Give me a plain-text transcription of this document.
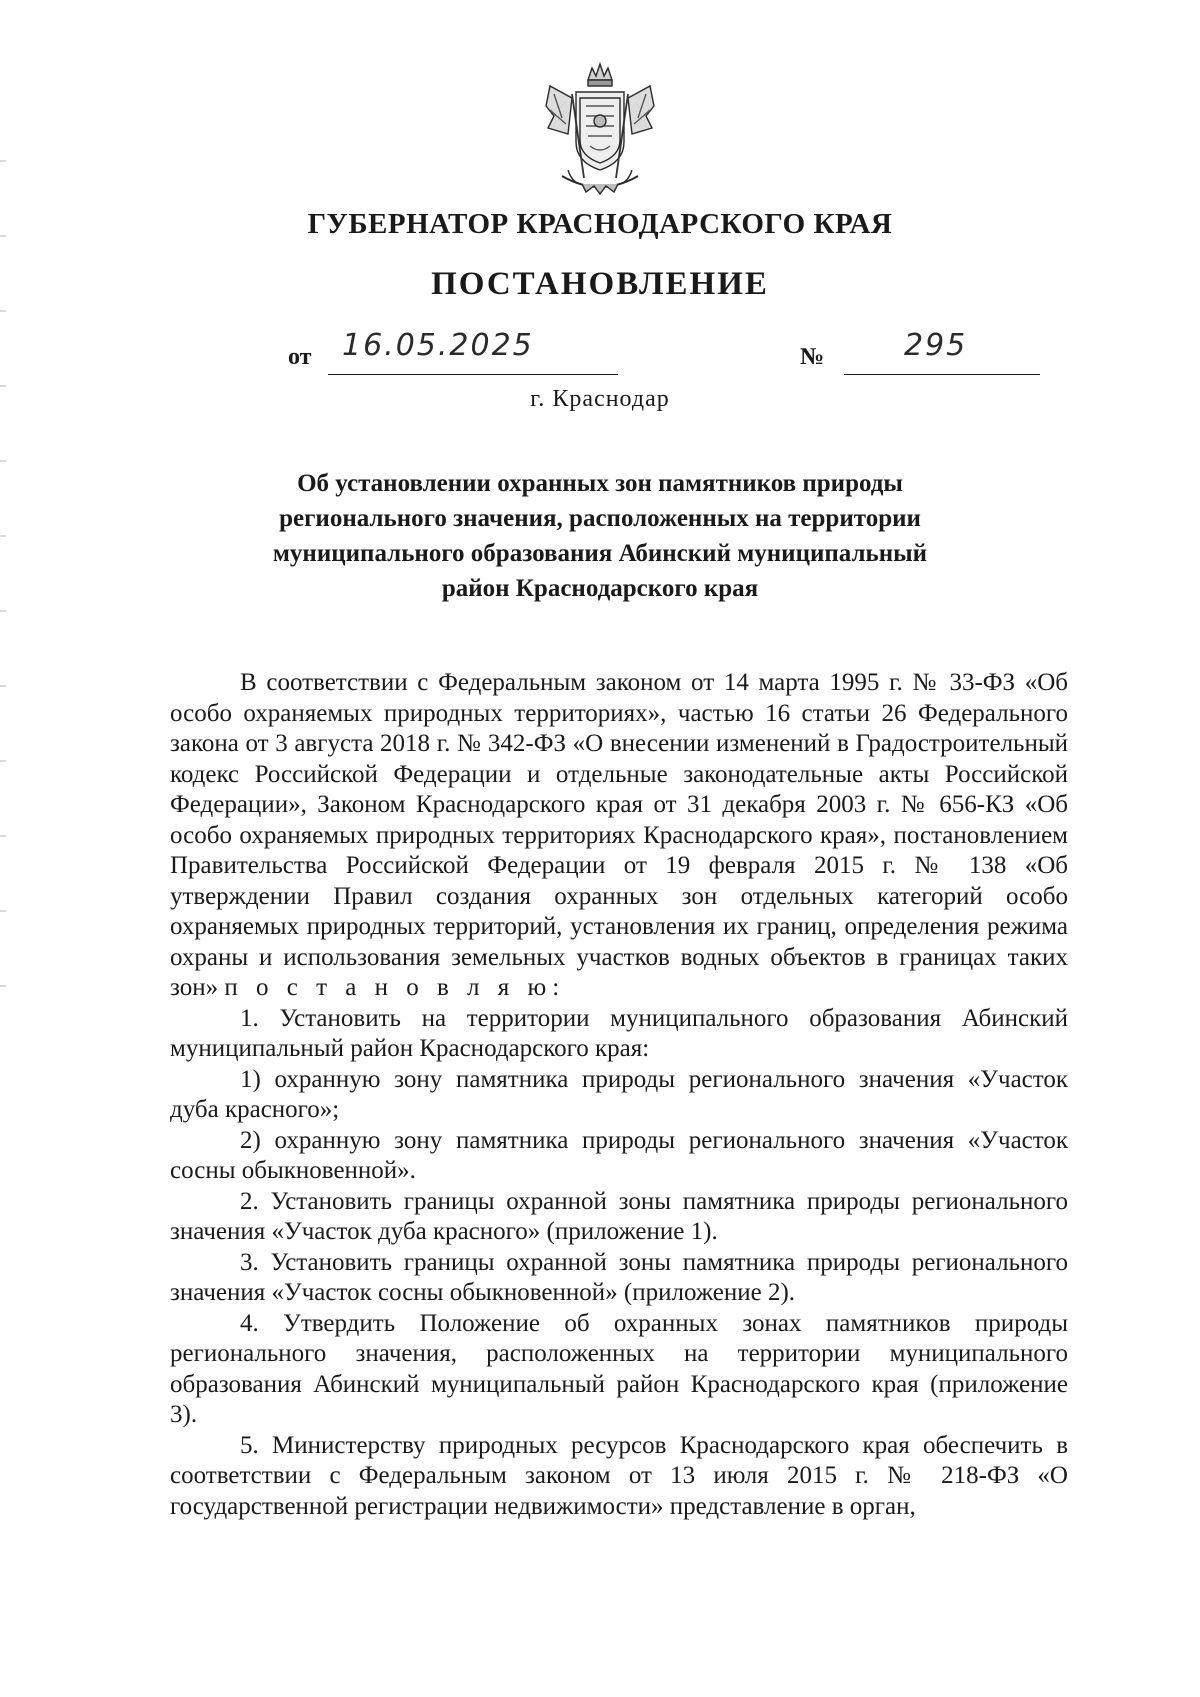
ГУБЕРНАТОР КРАСНОДАРСКОГО КРАЯ
ПОСТАНОВЛЕНИЕ
от 16.05.2025	№	295
г. Краснодар
Об установлении охранных зон памятников природы
регионального значения, расположенных на территории
муниципального образования Абинский муниципальный
район Краснодарского края

В соответствии с Федеральным законом от 14 марта 1995 г. № 33-ФЗ «Об особо охраняемых природных территориях», частью 16 статьи 26 Федерального закона от 3 августа 2018 г. № 342-ФЗ «О внесении изменений в Градостроительный кодекс Российской Федерации и отдельные законодательные акты Российской Федерации», Законом Краснодарского края от 31 декабря 2003 г. № 656-КЗ «Об особо охраняемых природных территориях Краснодарского края», постановлением Правительства Российской Федерации от 19 февраля 2015 г. № 138 «Об утверждении Правил создания охранных зон отдельных категорий особо охраняемых природных территорий, установления их границ, определения режима охраны и использования земельных участков водных объектов в границах таких зон» п о с т а н о в л я ю:

1. Установить на территории муниципального образования Абинский муниципальный район Краснодарского края:

1) охранную зону памятника природы регионального значения «Участок дуба красного»;

2) охранную зону памятника природы регионального значения «Участок сосны обыкновенной».

2. Установить границы охранной зоны памятника природы регионального значения «Участок дуба красного» (приложение 1).

3. Установить границы охранной зоны памятника природы регионального значения «Участок сосны обыкновенной» (приложение 2).

4. Утвердить Положение об охранных зонах памятников природы регионального значения, расположенных на территории муниципального образования Абинский муниципальный район Краснодарского края (приложение 3).

5. Министерству природных ресурсов Краснодарского края обеспечить в соответствии с Федеральным законом от 13 июля 2015 г. № 218-ФЗ «О государственной регистрации недвижимости» представление в орган,
